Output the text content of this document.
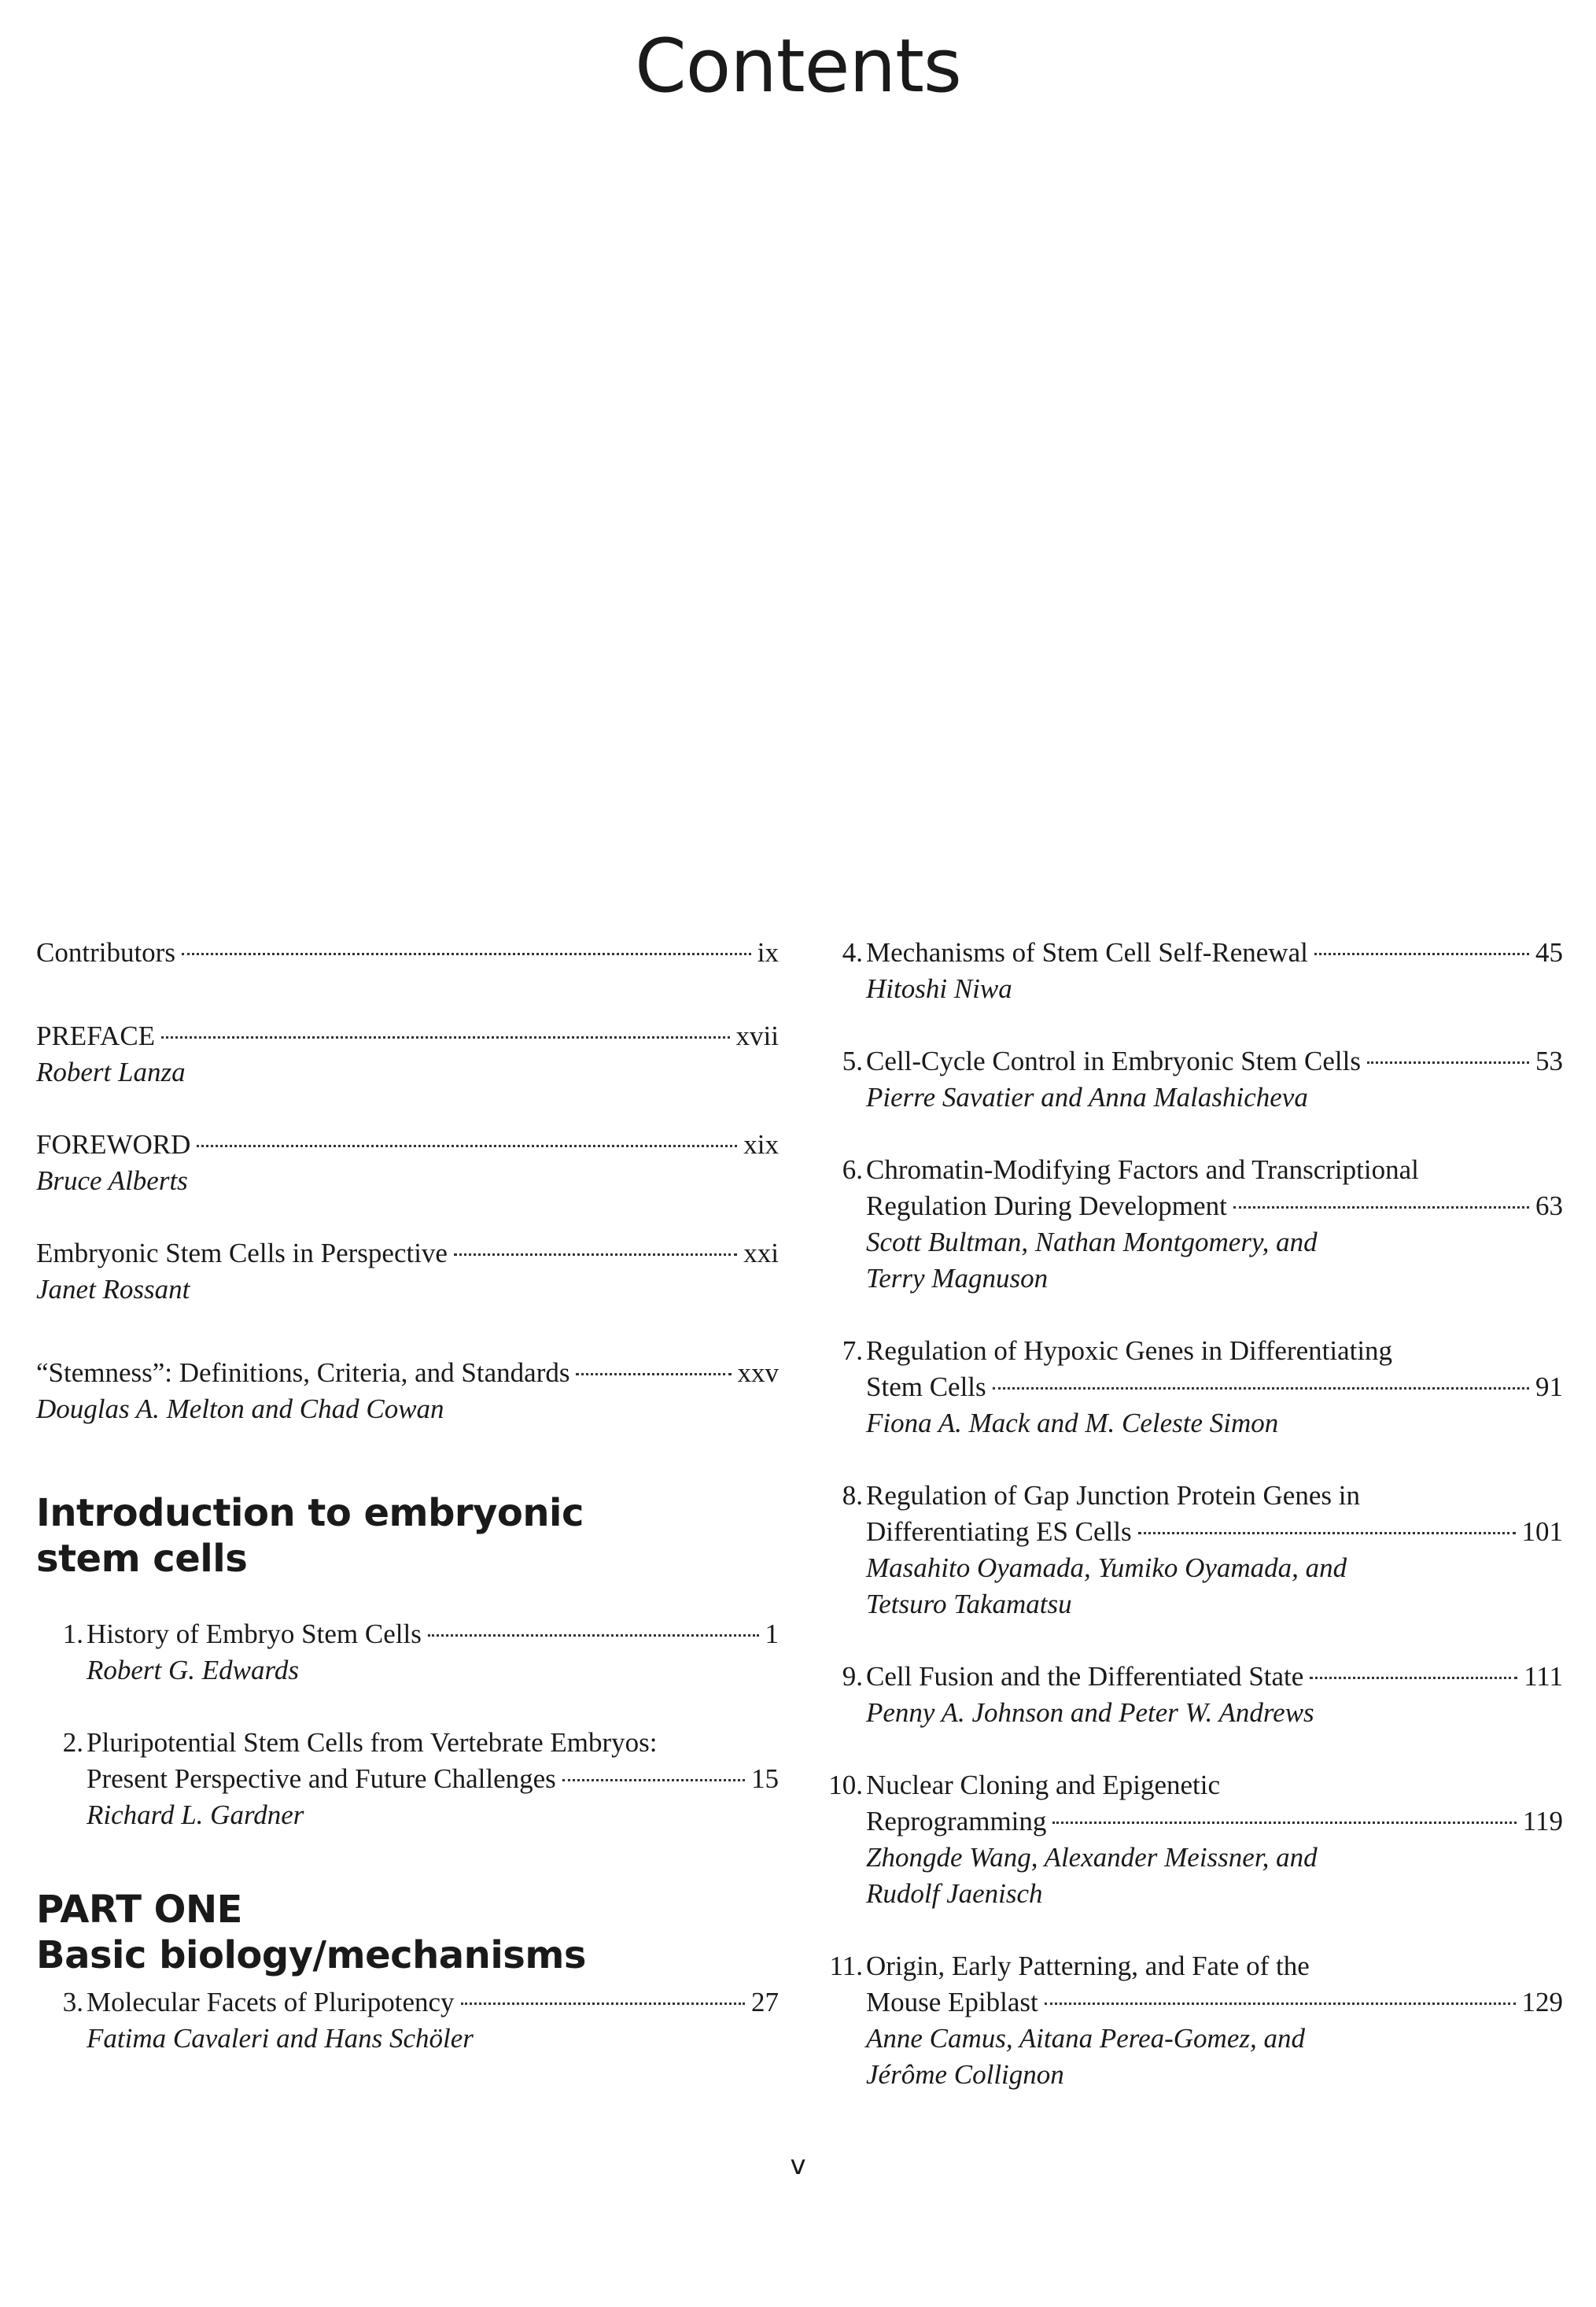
Contents
Contributors	ix
PREFACE	xvii
Robert Lanza
FOREWORD	xix
Bruce Alberts
Embryonic Stem Cells in Perspective	xxi
Janet Rossant
“Stemness”: Definitions, Criteria, and Standards	xxv
Douglas A. Melton and Chad Cowan
Introduction to embryonic
stem cells
1. History of Embryo Stem Cells	1
Robert G. Edwards
2. Pluripotential Stem Cells from Vertebrate Embryos:
Present Perspective and Future Challenges	15
Richard L. Gardner
PART ONE
Basic biology/mechanisms
3. Molecular Facets of Pluripotency	27
Fatima Cavaleri and Hans Schöler
4. Mechanisms of Stem Cell Self-Renewal	45
Hitoshi Niwa
5. Cell-Cycle Control in Embryonic Stem Cells	53
Pierre Savatier and Anna Malashicheva
6. Chromatin-Modifying Factors and Transcriptional
Regulation During Development	63
Scott Bultman, Nathan Montgomery, and
Terry Magnuson
7. Regulation of Hypoxic Genes in Differentiating
Stem Cells	91
Fiona A. Mack and M. Celeste Simon
8. Regulation of Gap Junction Protein Genes in
Differentiating ES Cells	101
Masahito Oyamada, Yumiko Oyamada, and
Tetsuro Takamatsu
9. Cell Fusion and the Differentiated State	111
Penny A. Johnson and Peter W. Andrews
10. Nuclear Cloning and Epigenetic
Reprogramming	119
Zhongde Wang, Alexander Meissner, and
Rudolf Jaenisch
11. Origin, Early Patterning, and Fate of the
Mouse Epiblast	129
Anne Camus, Aitana Perea-Gomez, and
Jérôme Collignon
v
